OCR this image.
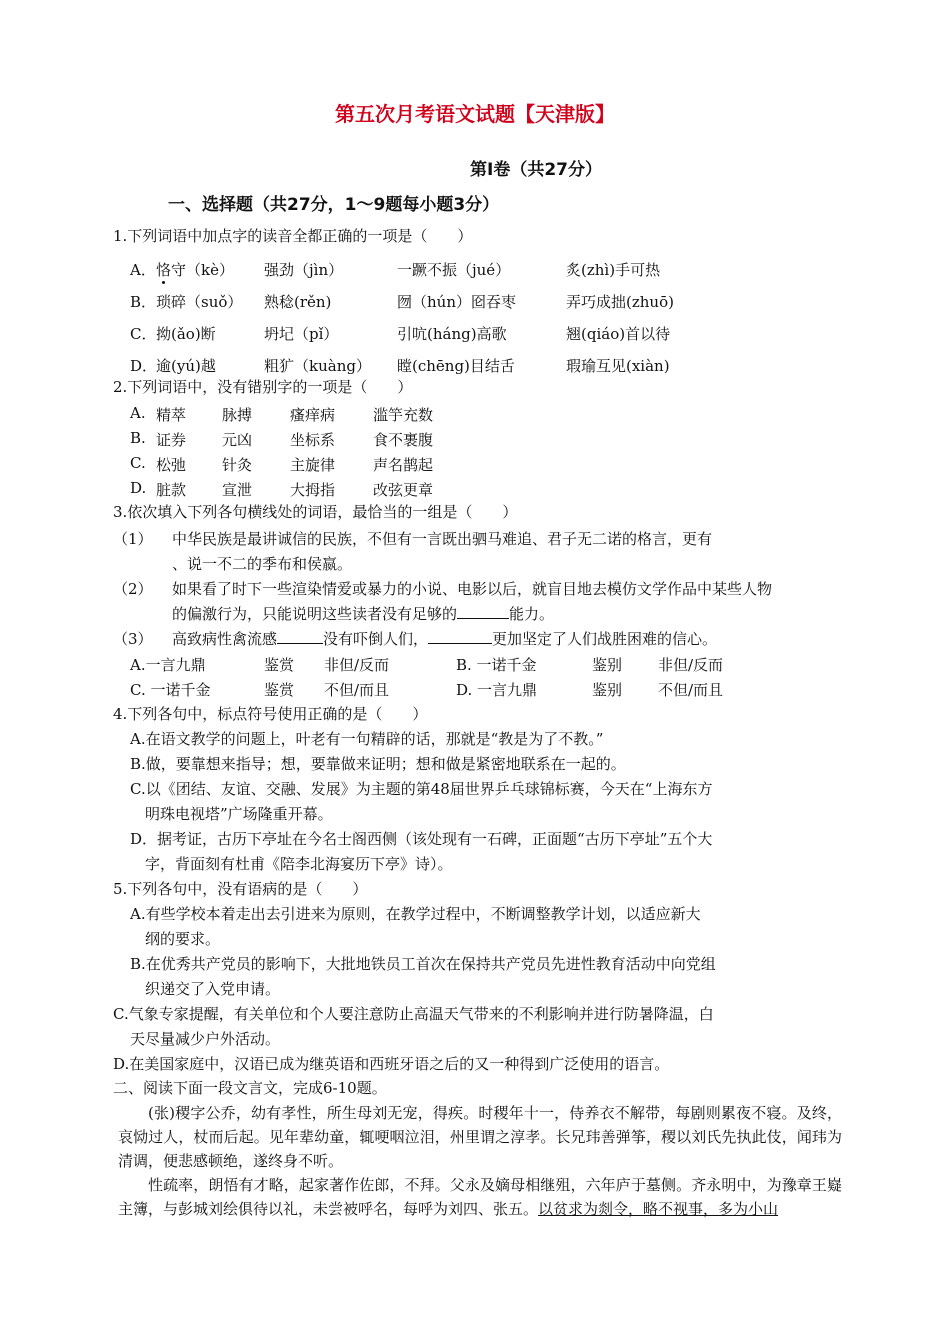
第五次月考语文试题【天津版】
第Ⅰ卷（共27分）
一、选择题（共27分，1～9题每小题3分）
1.下列词语中加点字的读音全都正确的一项是（　　）
A． 恪守（kè） 强劲（jìn）	一蹶不振（jué）	炙(zhì)手可热
B． 琐碎（suǒ） 熟稔(rěn)	囫（hún）囵吞枣	弄巧成拙(zhuō)
C． 拗(ǎo)断	坍圮（pǐ）	引吭(háng)高歌	翘(qiáo)首以待
D．
逾(yú)越	粗犷（kuàng） 瞠(chēng)目结舌	瑕瑜互见(xiàn)
2.下列词语中，没有错别字的一项是（　　）
A. 精萃 脉搏	瘙痒病	滥竽充数
B. 证券 元凶	坐标系	食不裹腹
C. 松弛 针灸	主旋律	声名鹊起
D. 脏款 宣泄	大拇指	改弦更章
3.依次填入下列各句横线处的词语，最恰当的一组是（　　）
（1） 中华民族是最讲诚信的民族，不但有一言既出驷马难追、君子无二诺的格言，更有
、说一不二的季布和侯嬴。
（2） 如果看了时下一些渲染情爱或暴力的小说、电影以后，就盲目地去模仿文学作品中某些人物
的偏激行为，只能说明这些读者没有足够的	能力。
（3） 高致病性禽流感	没有吓倒人们，	更加坚定了人们战胜困难的信心。
A.一言九鼎	鉴赏 非但/反而	B. 一诺千金	鉴别 非但/反而
C. 一诺千金	鉴赏 不但/而且	D. 一言九鼎	鉴别 不但/而且
4.下列各句中，标点符号使用正确的是（　　）
A.在语文教学的问题上，叶老有一句精辟的话，那就是“教是为了不教。”
B.做，要靠想来指导；想，要靠做来证明；想和做是紧密地联系在一起的。
C.以《团结、友谊、交融、发展》为主题的第48届世界乒乓球锦标赛，今天在“上海东方
明珠电视塔”广场隆重开幕。
D．据考证，古历下亭址在今名士阁西侧（该处现有一石碑，正面题“古历下亭址”五个大
字，背面刻有杜甫《陪李北海宴历下亭》诗）。
5.下列各句中，没有语病的是（　　）
A.有些学校本着走出去引进来为原则，在教学过程中，不断调整教学计划，以适应新大
纲的要求。
B.在优秀共产党员的影响下，大批地铁员工首次在保持共产党员先进性教育活动中向党组
织递交了入党申请。
C.气象专家提醒，有关单位和个人要注意防止高温天气带来的不利影响并进行防暑降温，白
天尽量减少户外活动。
D.在美国家庭中，汉语已成为继英语和西班牙语之后的又一种得到广泛使用的语言。
二、阅读下面一段文言文，完成6-10题。

(张)稷字公乔，幼有孝性，所生母刘无宠，得疾。时稷年十一，侍养衣不解带，每剧则累夜不寝。及终，哀恸过人，杖而后起。见年辈幼童，辄哽咽泣泪，州里谓之淳孝。长兄玮善弹筝，稷以刘氏先执此伎，闻玮为清调，便悲感顿绝，遂终身不听。

性疏率，朗悟有才略，起家著作佐郎，不拜。父永及嫡母相继殂，六年庐于墓侧。齐永明中，为豫章王嶷主簿，与彭城刘绘俱待以礼，未尝被呼名，每呼为刘四、张五。以贫求为剡令，略不视事，多为小山
